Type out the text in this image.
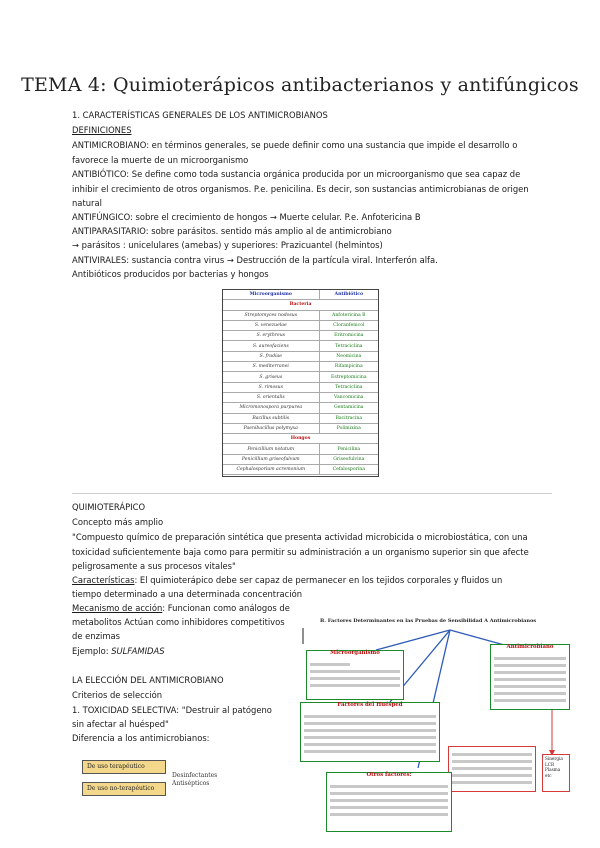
TEMA 4: Quimioterápicos antibacterianos y antifúngicos
1. CARACTERÍSTICAS GENERALES DE LOS ANTIMICROBIANOS
DEFINICIONES
ANTIMICROBIANO: en términos generales, se puede definir como una sustancia que impide el desarrollo o
favorece la muerte de un microorganismo
ANTIBIÓTICO: Se define como toda sustancia orgánica producida por un microorganismo que sea capaz de
inhibir el crecimiento de otros organismos. P.e. penicilina. Es decir, son sustancias antimicrobianas de origen
natural
ANTIFÚNGICO: sobre el crecimiento de hongos → Muerte celular. P.e. Anfotericina B
ANTIPARASITARIO: sobre parásitos. sentido más amplio al de antimicrobiano
→ parásitos : unicelulares (amebas) y superiores: Prazicuantel (helmintos)
ANTIVIRALES: sustancia contra virus → Destrucción de la partícula viral. Interferón alfa.
Antibióticos producidos por bacterias y hongos
Microorganismo	Antibiótico
Bacteria	
Streptomyces nodosus	Anfotericina B
S. venezuelae	Cloranfenicol
S. erythreus	Eritromicina
S. aureofaciens	Tetraciclina
S. fradiae	Neomicina
S. mediterranei	Rifampicina
S. griseus	Estreptomicina
S. rimosus	Tetraciclina
S. orientalis	Vancomicina
Micromonospora purpurea	Gentamicina
Bacillus subtilis	Bacitracina
Paenibacillus polymyxa	Polimixina
Hongos	
Penicillium notatum	Penicilina
Penicillium griseofulvum	Griseofulvina
Cephalosporium acremonium	Cefalosporina
QUIMIOTERÁPICO
Concepto más amplio
"Compuesto químico de preparación sintética que presenta actividad microbicida o microbiostática, con una
toxicidad suficientemente baja como para permitir su administración a un organismo superior sin que afecte
peligrosamente a sus procesos vitales"
Características: El quimioterápico debe ser capaz de permanecer en los tejidos corporales y fluidos un
tiempo determinado a una determinada concentración
Mecanismo de acción: Funcionan como análogos de
metabolitos Actúan como inhibidores competitivos
de enzimas
Ejemplo: SULFAMIDAS
LA ELECCIÓN DEL ANTIMICROBIANO
Criterios de selección
1. TOXICIDAD SELECTIVA: "Destruir al patógeno
sin afectar al huésped"
Diferencia a los antimicrobianos:
De uso terapéutico
De uso no-terapéutico
Desinfectantes
Antisépticos
B. Factores Determinantes en las Pruebas de Sensibilidad A Antimicrobianos
Microorganismo
Antimicrobiano
Factores del Huésped
Sinergia LCR Plasma etc
Otros factores:
